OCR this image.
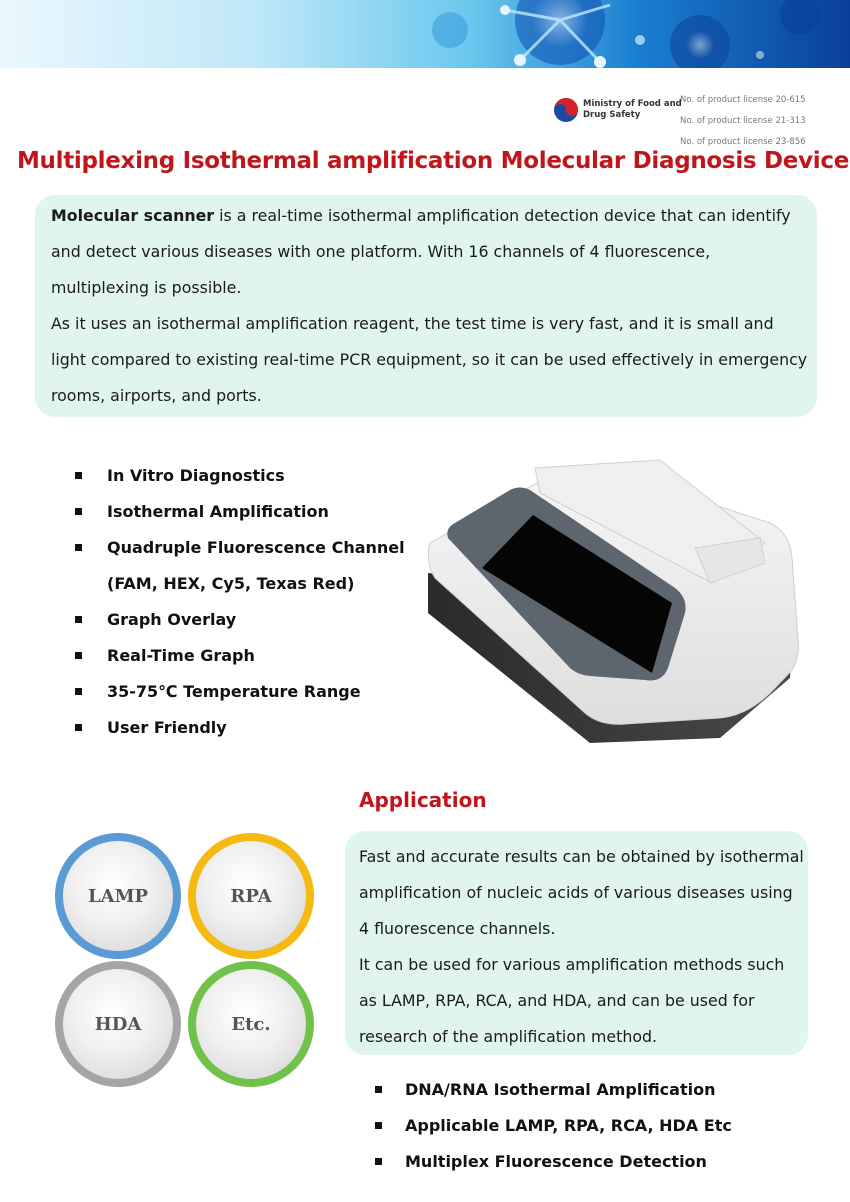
Ministry of Food and
Drug Safety
No. of product license 20-615
No. of product license 21-313
No. of product license 23-856
Multiplexing Isothermal amplification Molecular Diagnosis Device
Molecular scanner is a real-time isothermal amplification detection device that can identify and detect various diseases with one platform. With 16 channels of 4 fluorescence, multiplexing is possible.
As it uses an isothermal amplification reagent, the test time is very fast, and it is small and light compared to existing real-time PCR equipment, so it can be used effectively in emergency rooms, airports, and ports.
In Vitro Diagnostics
Isothermal Amplification
Quadruple Fluorescence Channel
(FAM, HEX, Cy5, Texas Red)
Graph Overlay
Real-Time Graph
35-75℃ Temperature Range
User Friendly
Application
LAMP	RPA
HDA	Etc.
Fast and accurate results can be obtained by isothermal amplification of nucleic acids of various diseases using 4 fluorescence channels.
It can be used for various amplification methods such as LAMP, RPA, RCA, and HDA, and can be used for research of the amplification method.
DNA/RNA Isothermal Amplification
Applicable LAMP, RPA, RCA, HDA Etc
Multiplex Fluorescence Detection
